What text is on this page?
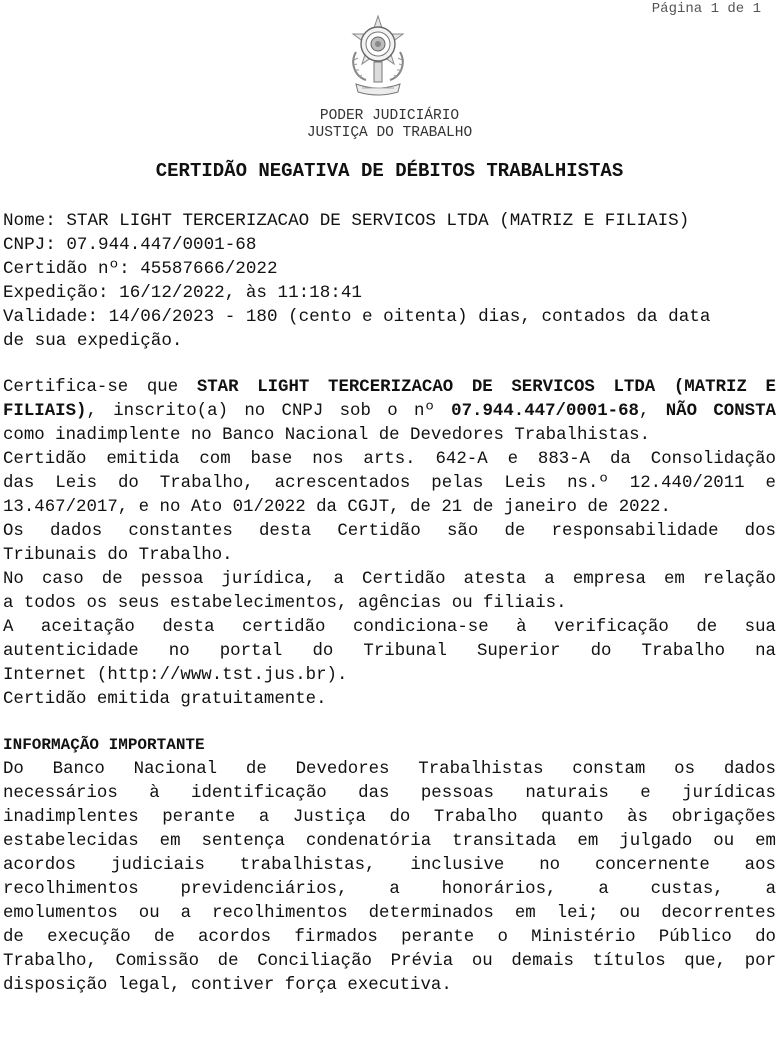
Página 1 de 1
PODER JUDICIÁRIO
JUSTIÇA DO TRABALHO
CERTIDÃO NEGATIVA DE DÉBITOS TRABALHISTAS
Nome: STAR LIGHT TERCERIZACAO DE SERVICOS LTDA (MATRIZ E FILIAIS)
CNPJ: 07.944.447/0001-68
Certidão nº: 45587666/2022
Expedição: 16/12/2022, às 11:18:41
Validade: 14/06/2023 - 180 (cento e oitenta) dias, contados da data
de sua expedição.
Certifica-se que STAR LIGHT TERCERIZACAO DE SERVICOS LTDA (MATRIZ E
FILIAIS), inscrito(a) no CNPJ sob o nº 07.944.447/0001-68, NÃO CONSTA
como inadimplente no Banco Nacional de Devedores Trabalhistas.
Certidão emitida com base nos arts. 642-A e 883-A da Consolidação
das Leis do Trabalho, acrescentados pelas Leis ns.º 12.440/2011 e
13.467/2017, e no Ato 01/2022 da CGJT, de 21 de janeiro de 2022.
Os dados constantes desta Certidão são de responsabilidade dos
Tribunais do Trabalho.
No caso de pessoa jurídica, a Certidão atesta a empresa em relação
a todos os seus estabelecimentos, agências ou filiais.
A aceitação desta certidão condiciona-se à verificação de sua
autenticidade no portal do Tribunal Superior do Trabalho na
Internet (http://www.tst.jus.br).
Certidão emitida gratuitamente.
INFORMAÇÃO IMPORTANTE
Do Banco Nacional de Devedores Trabalhistas constam os dados
necessários à identificação das pessoas naturais e jurídicas
inadimplentes perante a Justiça do Trabalho quanto às obrigações
estabelecidas em sentença condenatória transitada em julgado ou em
acordos judiciais trabalhistas, inclusive no concernente aos
recolhimentos previdenciários, a honorários, a custas, a
emolumentos ou a recolhimentos determinados em lei; ou decorrentes
de execução de acordos firmados perante o Ministério Público do
Trabalho, Comissão de Conciliação Prévia ou demais títulos que, por
disposição legal, contiver força executiva.
